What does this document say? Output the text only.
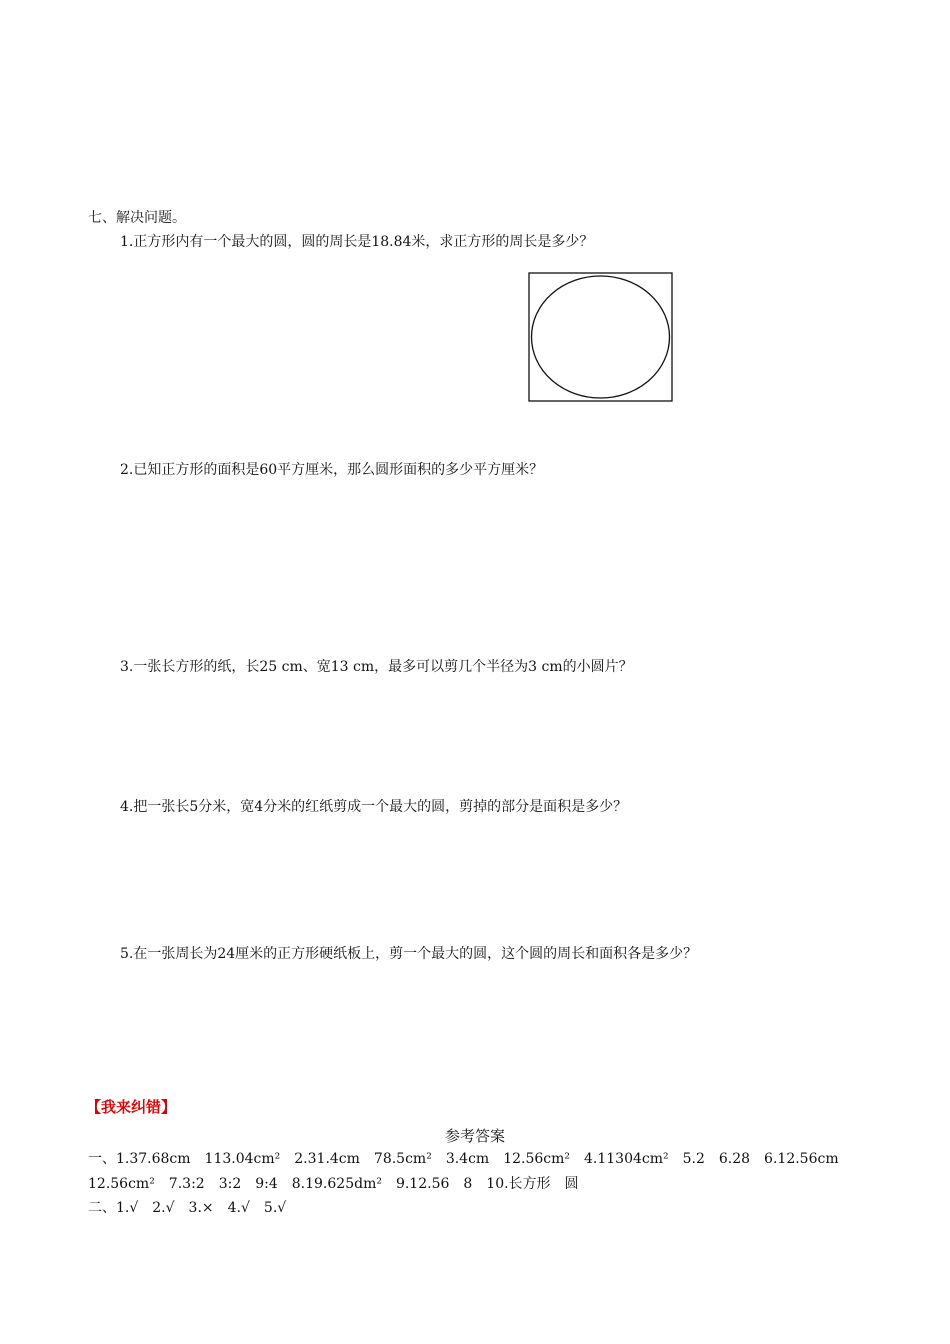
七、解决问题。
1.正方形内有一个最大的圆，圆的周长是18.84米，求正方形的周长是多少？
2.已知正方形的面积是60平方厘米，那么圆形面积的多少平方厘米？
3.一张长方形的纸，长25 cm、宽13 cm，最多可以剪几个半径为3 cm的小圆片？
4.把一张长5分米，宽4分米的红纸剪成一个最大的圆，剪掉的部分是面积是多少？
5.在一张周长为24厘米的正方形硬纸板上，剪一个最大的圆，这个圆的周长和面积各是多少？
【我来纠错】
参考答案
一、1.37.68cm　113.04cm²　2.31.4cm　78.5cm²　3.4cm　12.56cm²　4.11304cm²　5.2　6.28　6.12.56cm
12.56cm²　7.3:2　3:2　9:4　8.19.625dm²　9.12.56　8　10.长方形　圆
二、1.√　2.√　3.×　4.√　5.√
